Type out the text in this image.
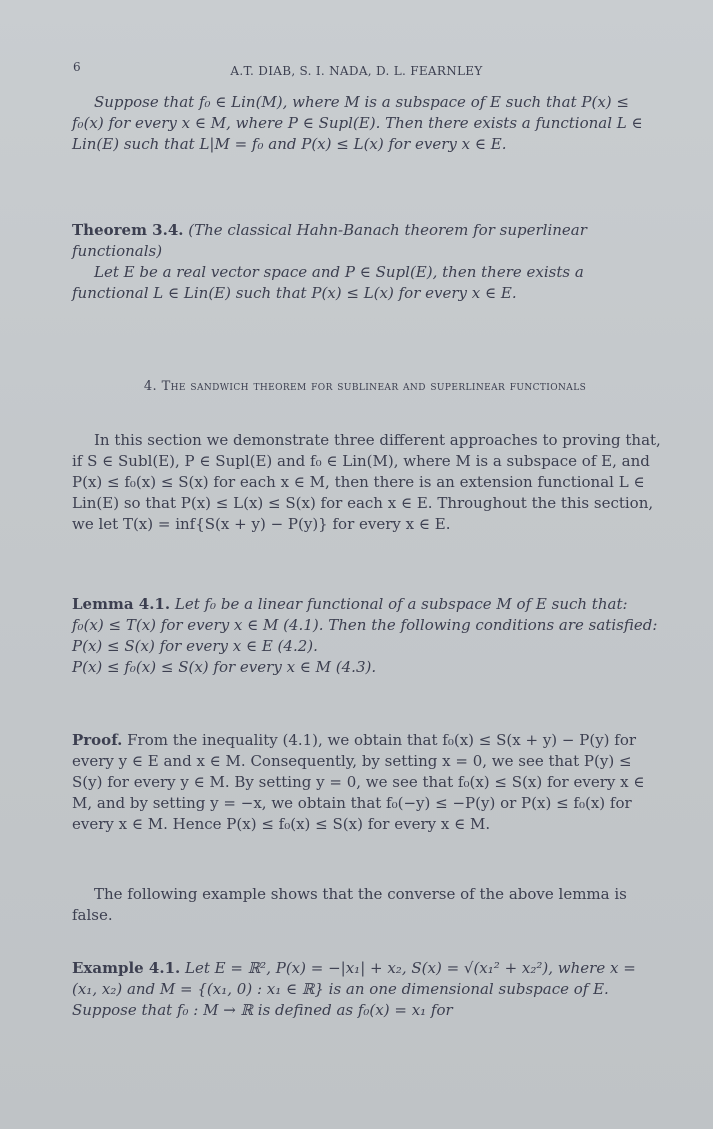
6	A.T. DIAB, S. I. NADA, D. L. FEARNLEY

Suppose that f₀ ∈ Lin(M), where M is a subspace of E such that P(x) ≤ f₀(x) for every x ∈ M, where P ∈ Supl(E). Then there exists a functional L ∈ Lin(E) such that L|M = f₀ and P(x) ≤ L(x) for every x ∈ E.

Theorem 3.4. (The classical Hahn-Banach theorem for superlinear functionals)

Let E be a real vector space and P ∈ Supl(E), then there exists a functional L ∈ Lin(E) such that P(x) ≤ L(x) for every x ∈ E.

4. The sandwich theorem for sublinear and superlinear functionals

In this section we demonstrate three different approaches to proving that, if S ∈ Subl(E), P ∈ Supl(E) and f₀ ∈ Lin(M), where M is a subspace of E, and P(x) ≤ f₀(x) ≤ S(x) for each x ∈ M, then there is an extension functional L ∈ Lin(E) so that P(x) ≤ L(x) ≤ S(x) for each x ∈ E. Throughout the this section, we let T(x) = inf{S(x + y) − P(y)} for every x ∈ E.

Lemma 4.1. Let f₀ be a linear functional of a subspace M of E such that: f₀(x) ≤ T(x) for every x ∈ M (4.1). Then the following conditions are satisfied:

P(x) ≤ S(x) for every x ∈ E (4.2).

P(x) ≤ f₀(x) ≤ S(x) for every x ∈ M (4.3).

Proof. From the inequality (4.1), we obtain that f₀(x) ≤ S(x + y) − P(y) for every y ∈ E and x ∈ M. Consequently, by setting x = 0, we see that P(y) ≤ S(y) for every y ∈ M. By setting y = 0, we see that f₀(x) ≤ S(x) for every x ∈ M, and by setting y = −x, we obtain that f₀(−y) ≤ −P(y) or P(x) ≤ f₀(x) for every x ∈ M. Hence P(x) ≤ f₀(x) ≤ S(x) for every x ∈ M.

The following example shows that the converse of the above lemma is false.

Example 4.1. Let E = ℝ², P(x) = −|x₁| + x₂, S(x) = √(x₁² + x₂²), where x = (x₁, x₂) and M = {(x₁, 0) : x₁ ∈ ℝ} is an one dimensional subspace of E. Suppose that f₀ : M → ℝ is defined as f₀(x) = x₁ for
